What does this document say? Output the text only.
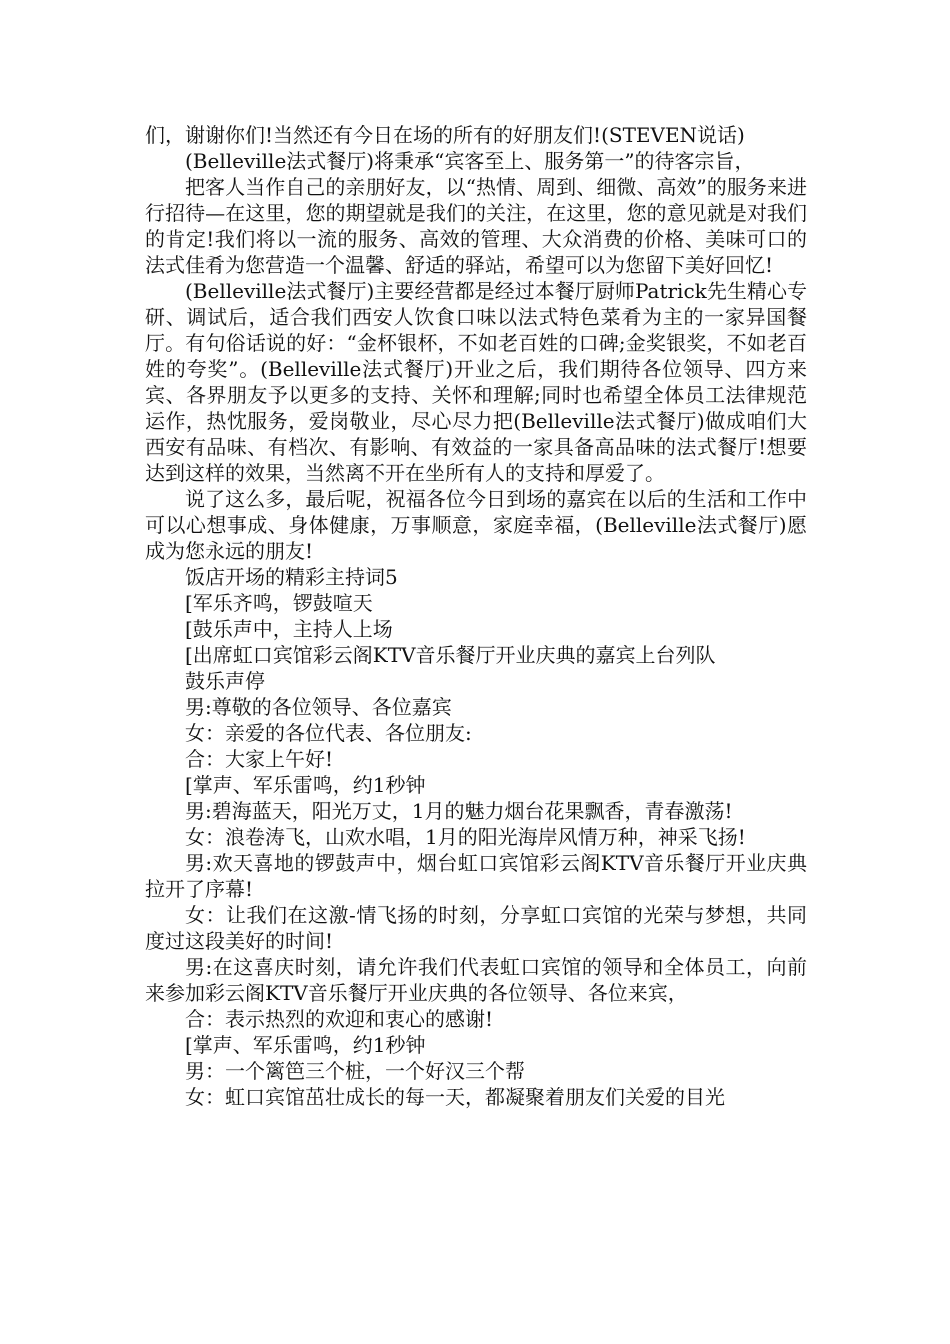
们，谢谢你们!当然还有今日在场的所有的好朋友们!(STEVEN说话)

(Belleville法式餐厅)将秉承“宾客至上、服务第一”的待客宗旨，

把客人当作自己的亲朋好友，以“热情、周到、细微、高效”的服务来进行招待—在这里，您的期望就是我们的关注，在这里，您的意见就是对我们的肯定!我们将以一流的服务、高效的管理、大众消费的价格、美味可口的法式佳肴为您营造一个温馨、舒适的驿站，希望可以为您留下美好回忆!

(Belleville法式餐厅)主要经营都是经过本餐厅厨师Patrick先生精心专研、调试后，适合我们西安人饮食口味以法式特色菜肴为主的一家异国餐厅。有句俗话说的好：“金杯银杯，不如老百姓的口碑;金奖银奖，不如老百姓的夸奖”。(Belleville法式餐厅)开业之后，我们期待各位领导、四方来宾、各界朋友予以更多的支持、关怀和理解;同时也希望全体员工法律规范运作，热忱服务，爱岗敬业，尽心尽力把(Belleville法式餐厅)做成咱们大西安有品味、有档次、有影响、有效益的一家具备高品味的法式餐厅!想要达到这样的效果，当然离不开在坐所有人的支持和厚爱了。

说了这么多，最后呢，祝福各位今日到场的嘉宾在以后的生活和工作中可以心想事成、身体健康，万事顺意，家庭幸福，(Belleville法式餐厅)愿成为您永远的朋友!

饭店开场的精彩主持词5

[军乐齐鸣，锣鼓喧天

[鼓乐声中，主持人上场

[出席虹口宾馆彩云阁KTV音乐餐厅开业庆典的嘉宾上台列队

鼓乐声停

男:尊敬的各位领导、各位嘉宾

女：亲爱的各位代表、各位朋友:

合：大家上午好!

[掌声、军乐雷鸣，约1秒钟

男:碧海蓝天，阳光万丈，1月的魅力烟台花果飘香，青春激荡!

女：浪卷涛飞，山欢水唱，1月的阳光海岸风情万种，神采飞扬!

男:欢天喜地的锣鼓声中，烟台虹口宾馆彩云阁KTV音乐餐厅开业庆典拉开了序幕!

女：让我们在这激-情飞扬的时刻，分享虹口宾馆的光荣与梦想，共同度过这段美好的时间!

男:在这喜庆时刻，请允许我们代表虹口宾馆的领导和全体员工，向前来参加彩云阁KTV音乐餐厅开业庆典的各位领导、各位来宾，

合：表示热烈的欢迎和衷心的感谢!

[掌声、军乐雷鸣，约1秒钟

男：一个篱笆三个桩，一个好汉三个帮

女：虹口宾馆茁壮成长的每一天，都凝聚着朋友们关爱的目光
